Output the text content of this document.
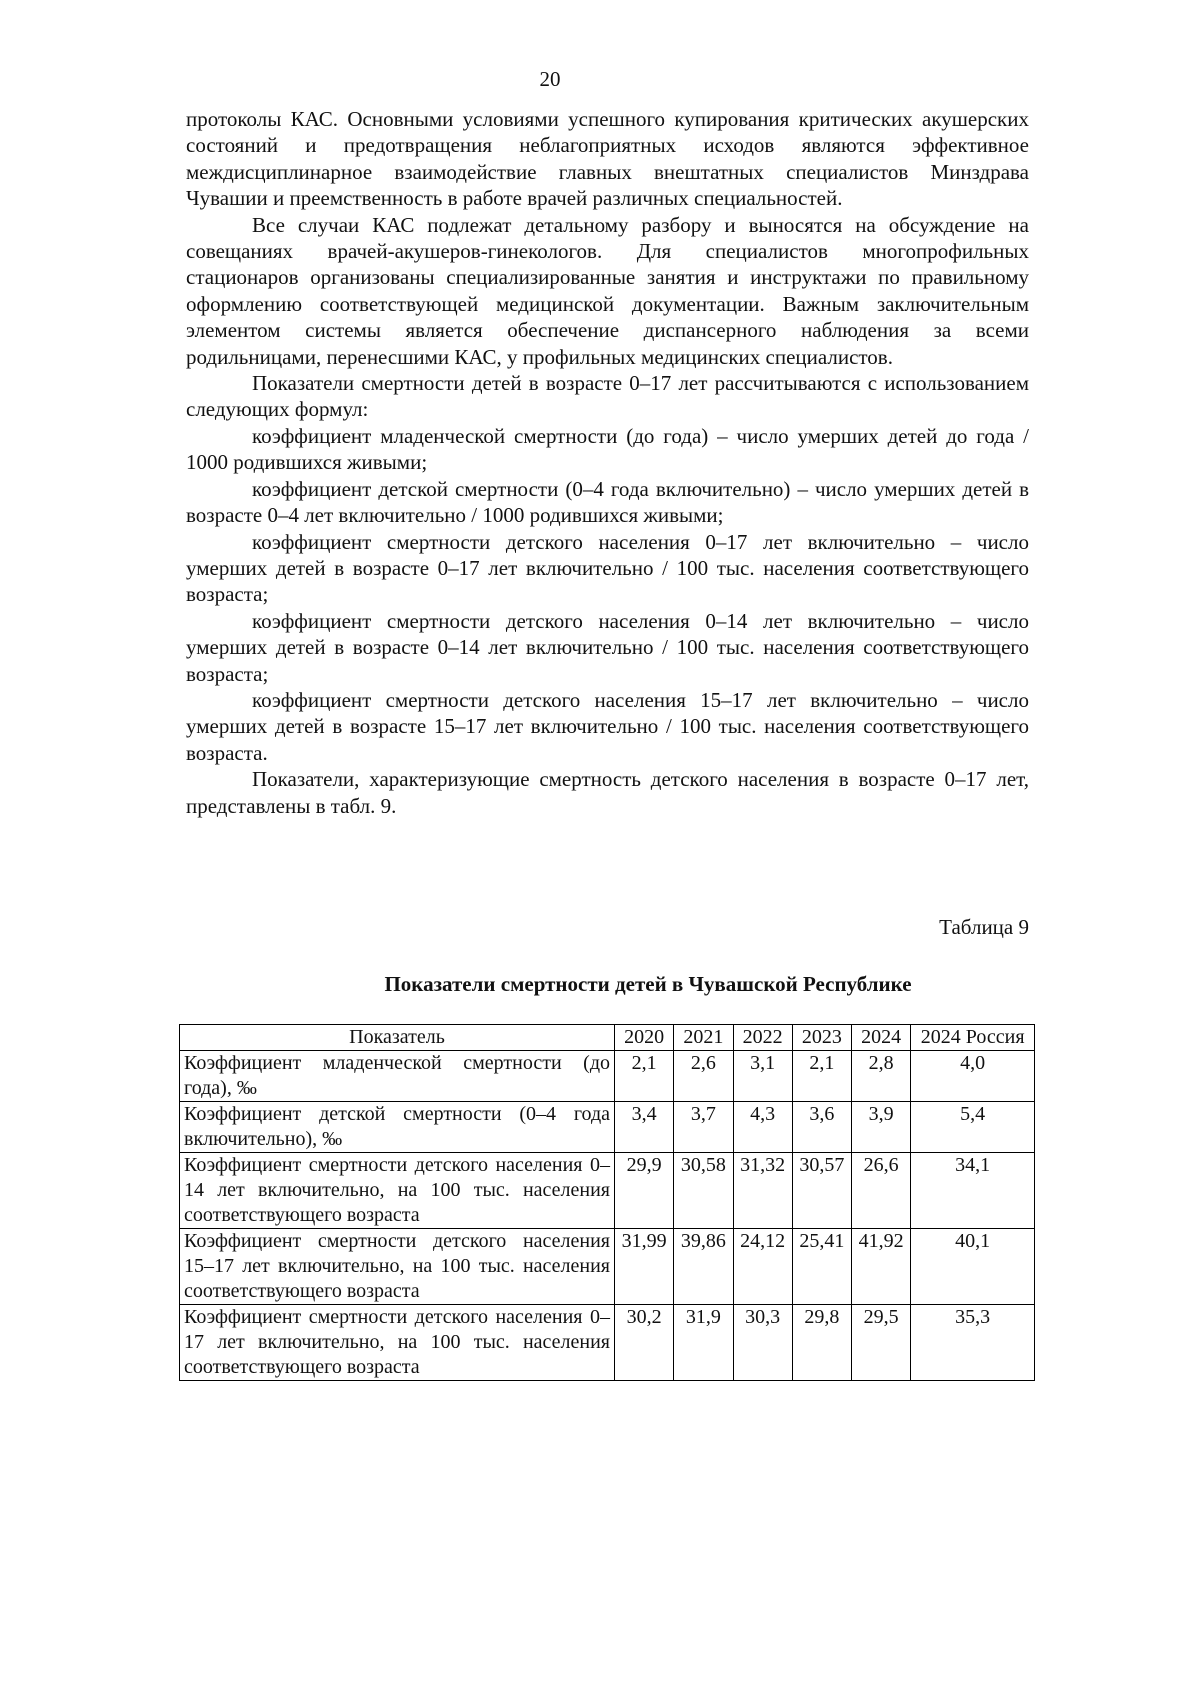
20

протоколы КАС. Основными условиями успешного купирования критических акушерских состояний и предотвращения неблагоприятных исходов являются эффективное междисциплинарное взаимодействие главных внештатных специалистов Минздрава Чувашии и преемственность в работе врачей различных специальностей.

Все случаи КАС подлежат детальному разбору и выносятся на обсуждение на совещаниях врачей-акушеров-гинекологов. Для специалистов многопрофильных стационаров организованы специализированные занятия и инструктажи по правильному оформлению соответствующей медицинской документации. Важным заключительным элементом системы является обеспечение диспансерного наблюдения за всеми родильницами, перенесшими КАС, у профильных медицинских специалистов.

Показатели смертности детей в возрасте 0–17 лет рассчитываются с использованием следующих формул:

коэффициент младенческой смертности (до года) – число умерших детей до года / 1000 родившихся живыми;

коэффициент детской смертности (0–4 года включительно) – число умерших детей в возрасте 0–4 лет включительно / 1000 родившихся живыми;

коэффициент смертности детского населения 0–17 лет включительно – число умерших детей в возрасте 0–17 лет включительно / 100 тыс. населения соответствующего возраста;

коэффициент смертности детского населения 0–14 лет включительно – число умерших детей в возрасте 0–14 лет включительно / 100 тыс. населения соответствующего возраста;

коэффициент смертности детского населения 15–17 лет включительно – число умерших детей в возрасте 15–17 лет включительно / 100 тыс. населения соответствующего возраста.

Показатели, характеризующие смертность детского населения в возрасте 0–17 лет, представлены в табл. 9.

Таблица 9
Показатели смертности детей в Чувашской Республике
Показатель	2020	2021	2022	2023	2024	2024 Россия
Коэффициент младенческой смертности (до года), ‰	2,1	2,6	3,1	2,1	2,8	4,0
Коэффициент детской смертности (0–4 года включительно), ‰	3,4	3,7	4,3	3,6	3,9	5,4
Коэффициент смертности детского населения 0–14 лет включительно, на 100 тыс. населения соответствующего возраста	29,9	30,58	31,32	30,57	26,6	34,1
Коэффициент смертности детского населения 15–17 лет включительно, на 100 тыс. населения соответствующего возраста	31,99	39,86	24,12	25,41	41,92	40,1
Коэффициент смертности детского населения 0–17 лет включительно, на 100 тыс. населения соответствующего возраста	30,2	31,9	30,3	29,8	29,5	35,3
